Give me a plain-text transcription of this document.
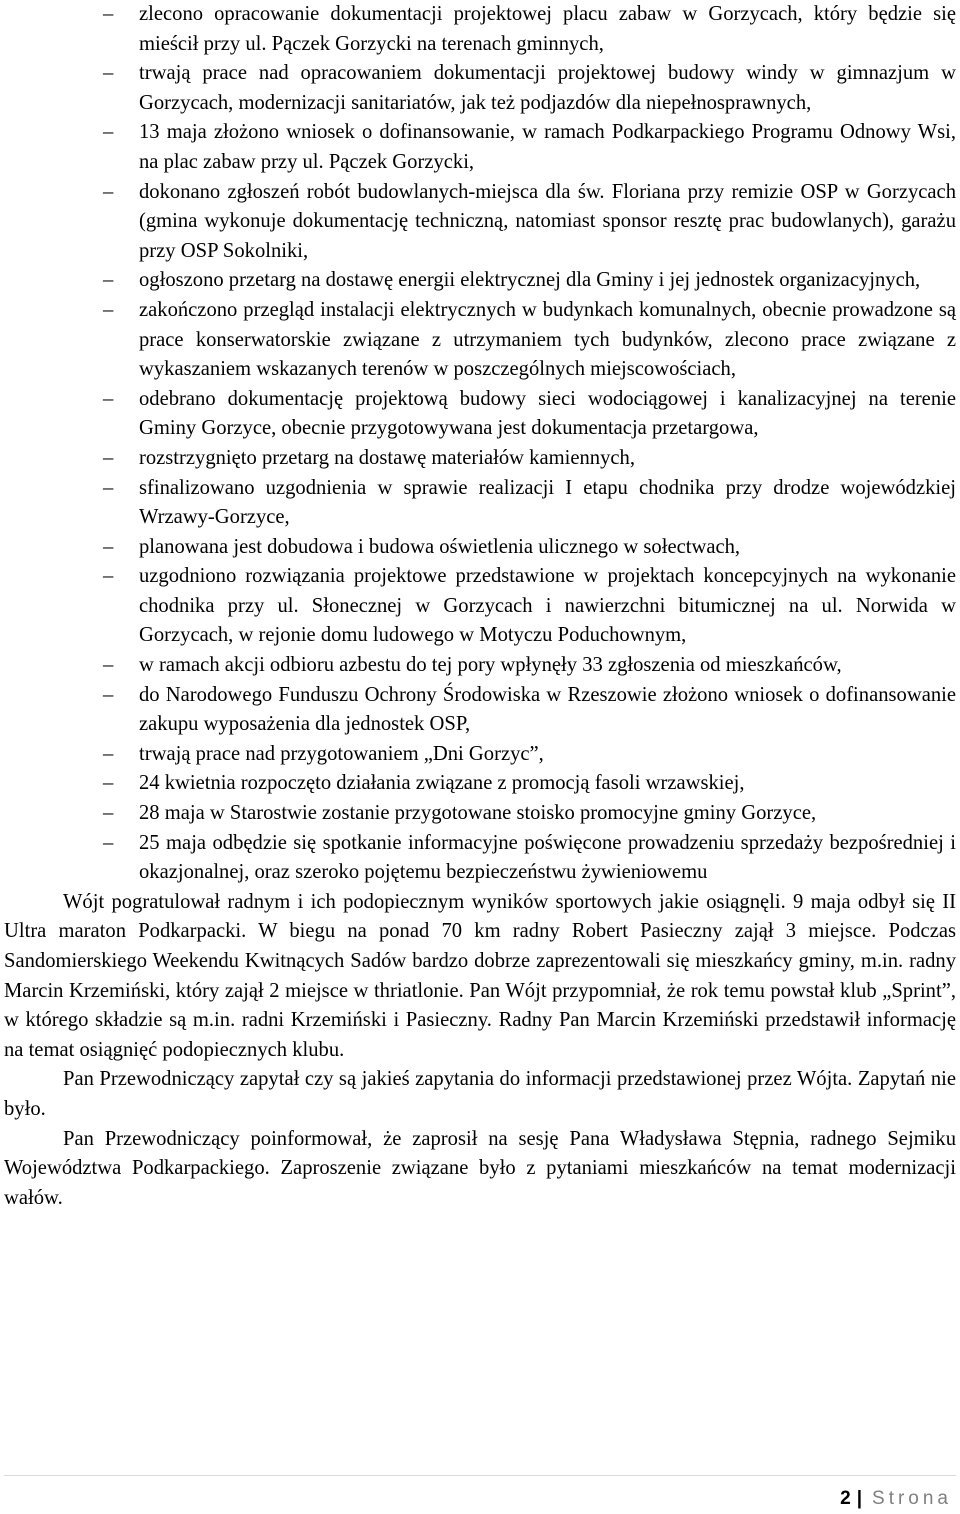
– zlecono opracowanie dokumentacji projektowej placu zabaw w Gorzycach, który będzie się mieścił przy ul. Pączek Gorzycki na terenach gminnych,
– trwają prace nad opracowaniem dokumentacji projektowej budowy windy w gimnazjum w Gorzycach, modernizacji sanitariatów, jak też podjazdów dla niepełnosprawnych,
– 13 maja złożono wniosek o dofinansowanie, w ramach Podkarpackiego Programu Odnowy Wsi, na plac zabaw przy ul. Pączek Gorzycki,
– dokonano zgłoszeń robót budowlanych-miejsca dla św. Floriana przy remizie OSP w Gorzycach (gmina wykonuje dokumentację techniczną, natomiast sponsor resztę prac budowlanych), garażu przy OSP Sokolniki,
– ogłoszono przetarg na dostawę energii elektrycznej dla Gminy i jej jednostek organizacyjnych,
– zakończono przegląd instalacji elektrycznych w budynkach komunalnych, obecnie prowadzone są prace konserwatorskie związane z utrzymaniem tych budynków, zlecono prace związane z wykaszaniem wskazanych terenów w poszczególnych miejscowościach,
– odebrano dokumentację projektową budowy sieci wodociągowej i kanalizacyjnej na terenie Gminy Gorzyce, obecnie przygotowywana jest dokumentacja przetargowa,
– rozstrzygnięto przetarg na dostawę materiałów kamiennych,
– sfinalizowano uzgodnienia w sprawie realizacji I etapu chodnika przy drodze wojewódzkiej Wrzawy-Gorzyce,
– planowana jest dobudowa i budowa oświetlenia ulicznego w sołectwach,
– uzgodniono rozwiązania projektowe przedstawione w projektach koncepcyjnych na wykonanie chodnika przy ul. Słonecznej w Gorzycach i nawierzchni bitumicznej na ul. Norwida w Gorzycach, w rejonie domu ludowego w Motyczu Poduchownym,
– w ramach akcji odbioru azbestu do tej pory wpłynęły 33 zgłoszenia od mieszkańców,
– do Narodowego Funduszu Ochrony Środowiska w Rzeszowie złożono wniosek o dofinansowanie zakupu wyposażenia dla jednostek OSP,
– trwają prace nad przygotowaniem „Dni Gorzyc”,
– 24 kwietnia rozpoczęto działania związane z promocją fasoli wrzawskiej,
– 28 maja w Starostwie zostanie przygotowane stoisko promocyjne gminy Gorzyce,
– 25 maja odbędzie się spotkanie informacyjne poświęcone prowadzeniu sprzedaży bezpośredniej i okazjonalnej, oraz szeroko pojętemu bezpieczeństwu żywieniowemu

Wójt pogratulował radnym i ich podopiecznym wyników sportowych jakie osiągnęli. 9 maja odbył się II Ultra maraton Podkarpacki. W biegu na ponad 70 km radny Robert Pasieczny zajął 3 miejsce. Podczas Sandomierskiego Weekendu Kwitnących Sadów bardzo dobrze zaprezentowali się mieszkańcy gminy, m.in. radny Marcin Krzemiński, który zajął 2 miejsce w thriatlonie. Pan Wójt przypomniał, że rok temu powstał klub „Sprint”, w którego składzie są m.in. radni Krzemiński i Pasieczny. Radny Pan Marcin Krzemiński przedstawił informację na temat osiągnięć podopiecznych klubu.

Pan Przewodniczący zapytał czy są jakieś zapytania do informacji przedstawionej przez Wójta. Zapytań nie było.

Pan Przewodniczący poinformował, że zaprosił na sesję Pana Władysława Stępnia, radnego Sejmiku Województwa Podkarpackiego. Zaproszenie związane było z pytaniami mieszkańców na temat modernizacji wałów.

2 | Strona
